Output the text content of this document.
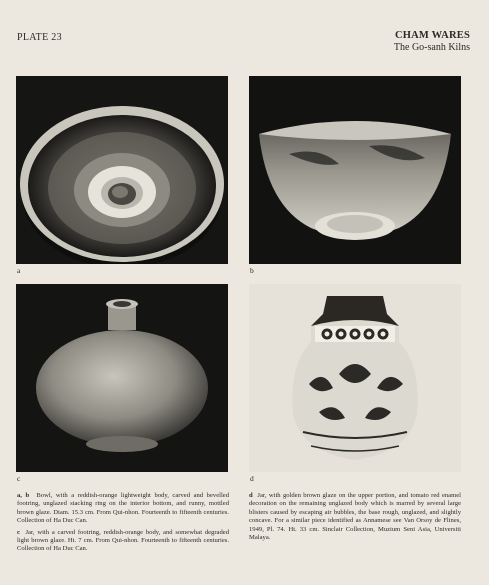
PLATE 23	CHAM WARES
The Go-sanh Kilns
a	b
c	d

a, b Bowl, with a reddish-orange lightweight body, carved and bevelled footring, unglazed stacking ring on the interior bottom, and runny, mottled brown glaze. Diam. 15.3 cm. From Qui-nhon. Fourteenth to fifteenth centuries. Collection of Ha Duc Can.

c Jar, with a carved footring, reddish-orange body, and somewhat degraded light brown glaze. Ht. 7 cm. From Qui-nhon. Fourteenth to fifteenth centuries. Collection of Ha Duc Can.

d Jar, with golden brown glaze on the upper portion, and tomato red enamel decoration on the remaining unglazed body which is marred by several large blisters caused by escaping air bubbles, the base rough, unglazed, and slightly concave. For a similar piece identified as Annamese see Van Orsoy de Flines, 1949, Pl. 74. Ht. 33 cm. Sinclair Collection, Muzium Seni Asia, Universiti Malaya.
